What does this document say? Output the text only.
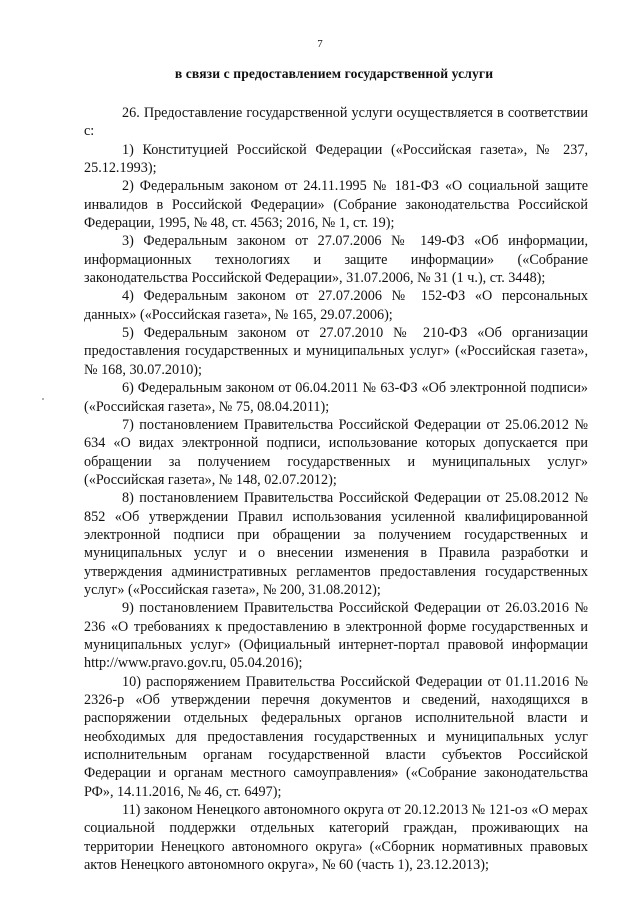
7
в связи с предоставлением государственной услуги

26. Предоставление государственной услуги осуществляется в соответствии с:

1) Конституцией Российской Федерации («Российская газета», № 237, 25.12.1993);

2) Федеральным законом от 24.11.1995 № 181-ФЗ «О социальной защите инвалидов в Российской Федерации» (Собрание законодательства Российской Федерации, 1995, № 48, ст. 4563; 2016, № 1, ст. 19);

3) Федеральным законом от 27.07.2006 № 149-ФЗ «Об информации, информационных технологиях и защите информации» («Собрание законодательства Российской Федерации», 31.07.2006, № 31 (1 ч.), ст. 3448);

4) Федеральным законом от 27.07.2006 № 152-ФЗ «О персональных данных» («Российская газета», № 165, 29.07.2006);

5) Федеральным законом от 27.07.2010 № 210-ФЗ «Об организации предоставления государственных и муниципальных услуг» («Российская газета», № 168, 30.07.2010);

6) Федеральным законом от 06.04.2011 № 63-ФЗ «Об электронной подписи» («Российская газета», № 75, 08.04.2011);

7) постановлением Правительства Российской Федерации от 25.06.2012 № 634 «О видах электронной подписи, использование которых допускается при обращении за получением государственных и муниципальных услуг» («Российская газета», № 148, 02.07.2012);

8) постановлением Правительства Российской Федерации от 25.08.2012 № 852 «Об утверждении Правил использования усиленной квалифицированной электронной подписи при обращении за получением государственных и муниципальных услуг и о внесении изменения в Правила разработки и утверждения административных регламентов предоставления государственных услуг» («Российская газета», № 200, 31.08.2012);

9) постановлением Правительства Российской Федерации от 26.03.2016 № 236 «О требованиях к предоставлению в электронной форме государственных и муниципальных услуг» (Официальный интернет-портал правовой информации http://www.pravo.gov.ru, 05.04.2016);

10) распоряжением Правительства Российской Федерации от 01.11.2016 № 2326-р «Об утверждении перечня документов и сведений, находящихся в распоряжении отдельных федеральных органов исполнительной власти и необходимых для предоставления государственных и муниципальных услуг исполнительным органам государственной власти субъектов Российской Федерации и органам местного самоуправления» («Собрание законодательства РФ», 14.11.2016, № 46, ст. 6497);

11) законом Ненецкого автономного округа от 20.12.2013 № 121-оз «О мерах социальной поддержки отдельных категорий граждан, проживающих на территории Ненецкого автономного округа» («Сборник нормативных правовых актов Ненецкого автономного округа», № 60 (часть 1), 23.12.2013);
